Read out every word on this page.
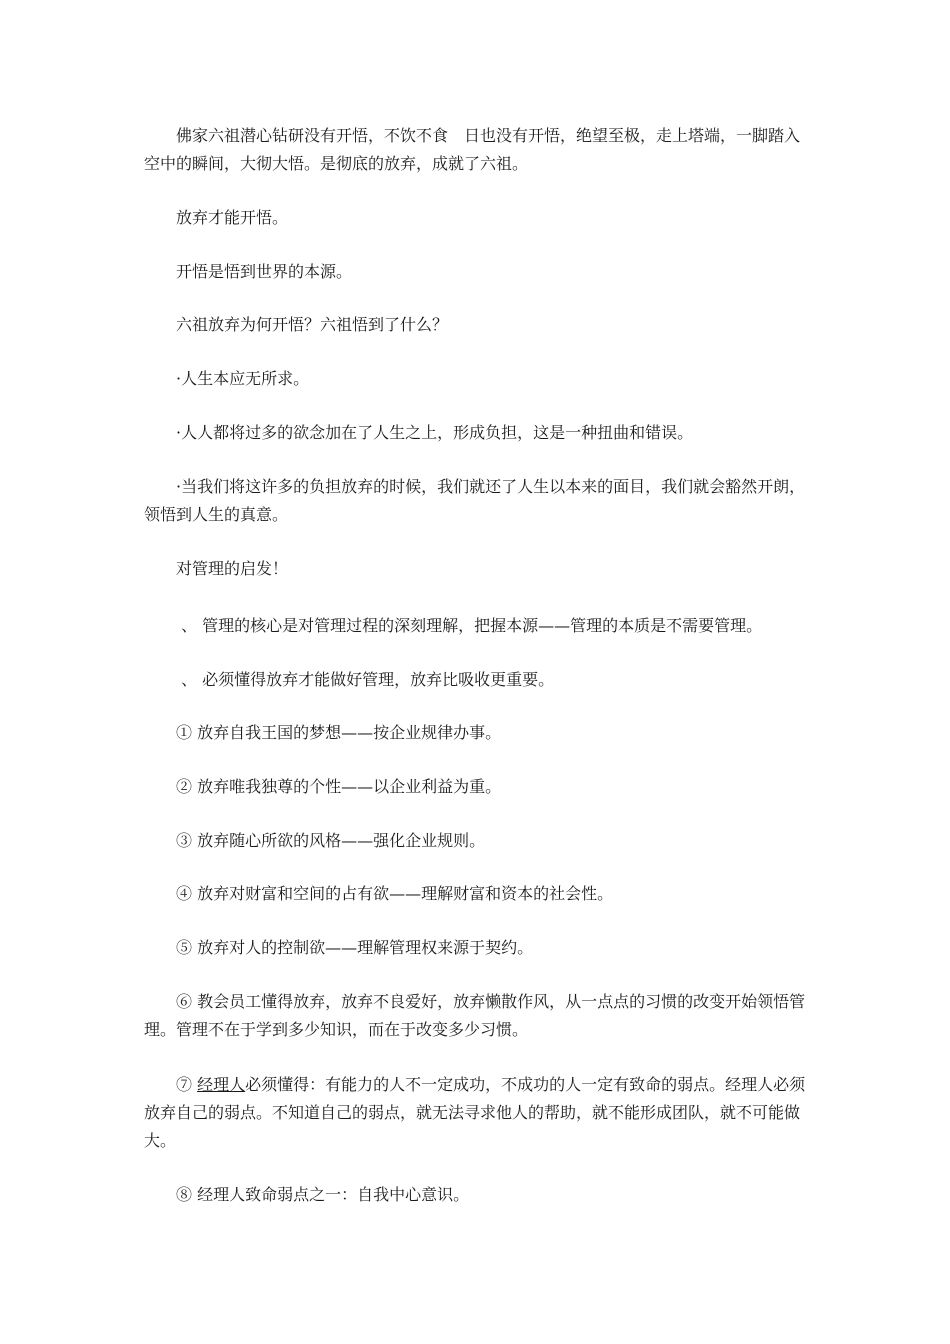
佛家六祖潜心钻研没有开悟，不饮不食　日也没有开悟，绝望至极，走上塔端，一脚踏入空中的瞬间，大彻大悟。是彻底的放弃，成就了六祖。

放弃才能开悟。

开悟是悟到世界的本源。

六祖放弃为何开悟？六祖悟到了什么？

·人生本应无所求。

·人人都将过多的欲念加在了人生之上，形成负担，这是一种扭曲和错误。

·当我们将这许多的负担放弃的时候，我们就还了人生以本来的面目，我们就会豁然开朗，领悟到人生的真意。

对管理的启发！

、 管理的核心是对管理过程的深刻理解，把握本源——管理的本质是不需要管理。

、 必须懂得放弃才能做好管理，放弃比吸收更重要。

① 放弃自我王国的梦想——按企业规律办事。

② 放弃唯我独尊的个性——以企业利益为重。

③ 放弃随心所欲的风格——强化企业规则。

④ 放弃对财富和空间的占有欲——理解财富和资本的社会性。

⑤ 放弃对人的控制欲——理解管理权来源于契约。

⑥ 教会员工懂得放弃，放弃不良爱好，放弃懒散作风，从一点点的习惯的改变开始领悟管理。管理不在于学到多少知识，而在于改变多少习惯。

⑦ 经理人必须懂得：有能力的人不一定成功，不成功的人一定有致命的弱点。经理人必须放弃自己的弱点。不知道自己的弱点，就无法寻求他人的帮助，就不能形成团队，就不可能做大。

⑧ 经理人致命弱点之一：自我中心意识。
